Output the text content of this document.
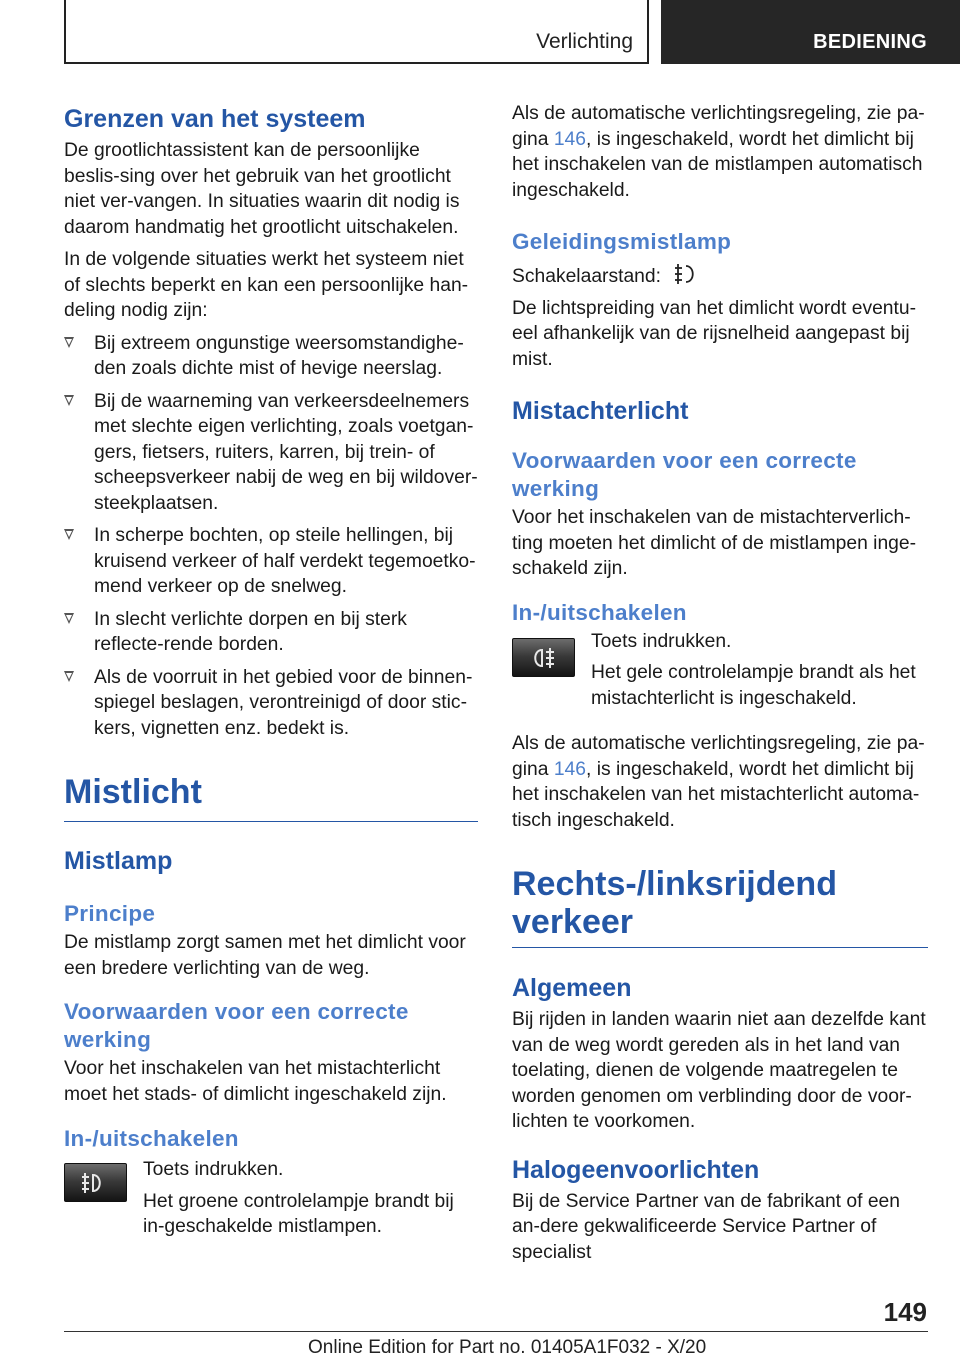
Verlichting	BEDIENING
Grenzen van het systeem

De grootlichtassistent kan de persoonlijke beslis-sing over het gebruik van het grootlicht niet ver-vangen. In situaties waarin dit nodig is daarom handmatig het grootlicht uitschakelen.

In de volgende situaties werkt het systeem niet of slechts beperkt en kan een persoonlijke han-deling nodig zijn:

Bij extreem ongunstige weersomstandighe-den zoals dichte mist of hevige neerslag.
Bij de waarneming van verkeersdeelnemers met slechte eigen verlichting, zoals voetgan-gers, fietsers, ruiters, karren, bij trein- of scheepsverkeer nabij de weg en bij wildover-steekplaatsen.
In scherpe bochten, op steile hellingen, bij kruisend verkeer of half verdekt tegemoetko-mend verkeer op de snelweg.
In slecht verlichte dorpen en bij sterk reflecte-rende borden.
Als de voorruit in het gebied voor de binnen-spiegel beslagen, verontreinigd of door stic-kers, vignetten enz. bedekt is.
Mistlicht
Mistlamp
Principe

De mistlamp zorgt samen met het dimlicht voor een bredere verlichting van de weg.

Voorwaarden voor een correcte werking

Voor het inschakelen van het mistachterlicht moet het stads- of dimlicht ingeschakeld zijn.

In-/uitschakelen

Toets indrukken.

Het groene controlelampje brandt bij in-geschakelde mistlampen.

Als de automatische verlichtingsregeling, zie pa-gina 146, is ingeschakeld, wordt het dimlicht bij het inschakelen van de mistlampen automatisch ingeschakeld.

Geleidingsmistlamp

Schakelaarstand:

De lichtspreiding van het dimlicht wordt eventu-eel afhankelijk van de rijsnelheid aangepast bij mist.

Mistachterlicht
Voorwaarden voor een correcte werking

Voor het inschakelen van de mistachterverlich-ting moeten het dimlicht of de mistlampen inge-schakeld zijn.

In-/uitschakelen

Toets indrukken.

Het gele controlelampje brandt als het mistachterlicht is ingeschakeld.

Als de automatische verlichtingsregeling, zie pa-gina 146, is ingeschakeld, wordt het dimlicht bij het inschakelen van het mistachterlicht automa-tisch ingeschakeld.

Rechts-/linksrijdend verkeer
Algemeen

Bij rijden in landen waarin niet aan dezelfde kant van de weg wordt gereden als in het land van toelating, dienen de volgende maatregelen te worden genomen om verblinding door de voor-lichten te voorkomen.

Halogeenvoorlichten

Bij de Service Partner van de fabrikant of een an-dere gekwalificeerde Service Partner of specialist

149
Online Edition for Part no. 01405A1F032 - X/20
